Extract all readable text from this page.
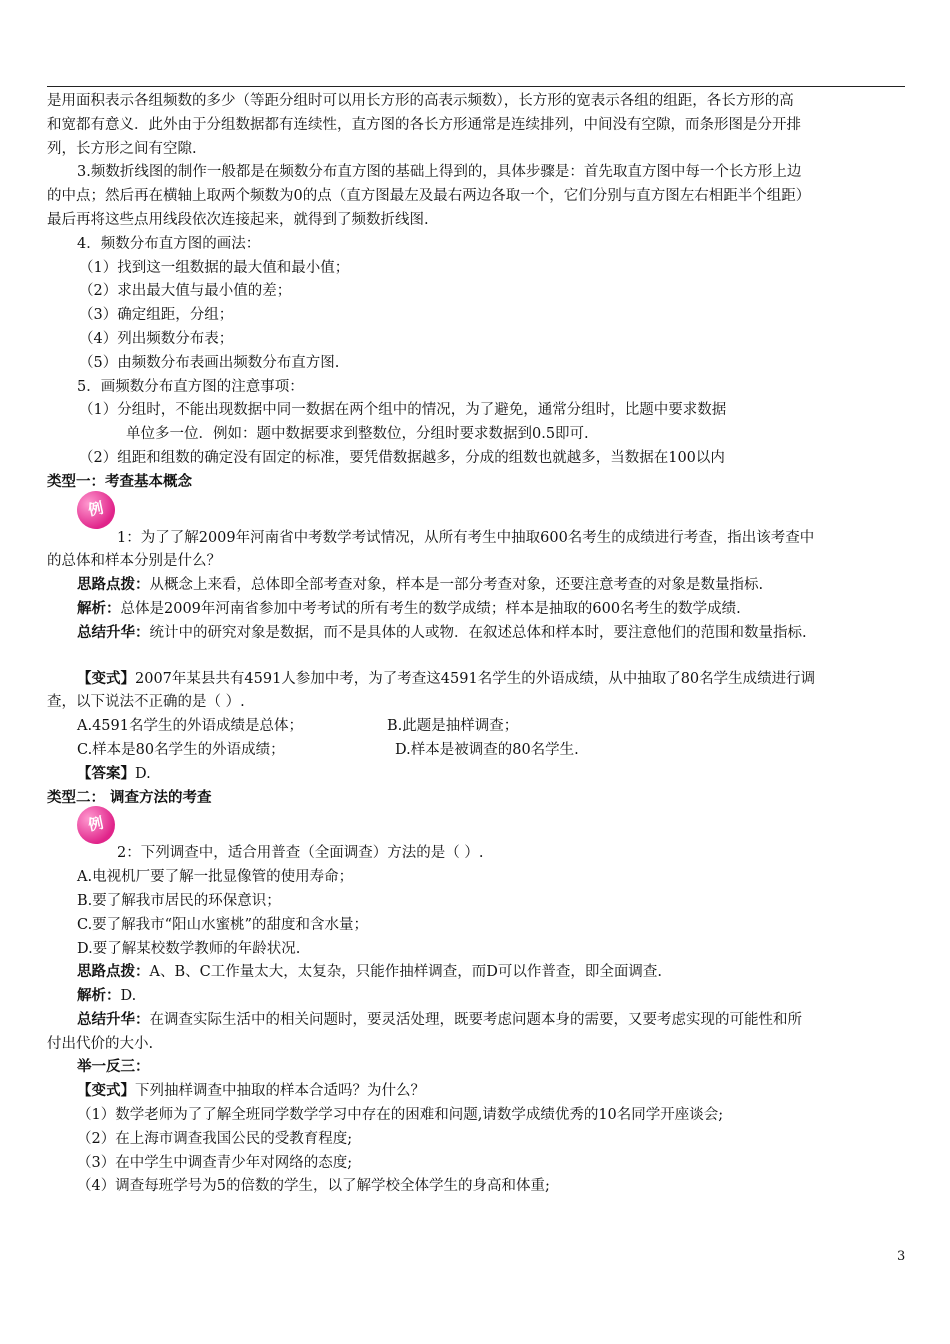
是用面积表示各组频数的多少（等距分组时可以用长方形的高表示频数），长方形的宽表示各组的组距，各长方形的高
和宽都有意义．此外由于分组数据都有连续性，直方图的各长方形通常是连续排列，中间没有空隙，而条形图是分开排
列，长方形之间有空隙.
3.频数折线图的制作一般都是在频数分布直方图的基础上得到的，具体步骤是：首先取直方图中每一个长方形上边
的中点；然后再在横轴上取两个频数为0的点（直方图最左及最右两边各取一个，它们分别与直方图左右相距半个组距）
最后再将这些点用线段依次连接起来，就得到了频数折线图.
4．频数分布直方图的画法：
（1）找到这一组数据的最大值和最小值；
（2）求出最大值与最小值的差；
（3）确定组距，分组；
（4）列出频数分布表；
（5）由频数分布表画出频数分布直方图.
5．画频数分布直方图的注意事项：
（1）分组时，不能出现数据中同一数据在两个组中的情况，为了避免，通常分组时，比题中要求数据
单位多一位．例如：题中数据要求到整数位，分组时要求数据到0.5即可.
（2）组距和组数的确定没有固定的标准，要凭借数据越多，分成的组数也就越多，当数据在100以内
类型一：考查基本概念
例
1：为了了解2009年河南省中考数学考试情况，从所有考生中抽取600名考生的成绩进行考查，指出该考查中
的总体和样本分别是什么？
思路点拨：从概念上来看，总体即全部考查对象，样本是一部分考查对象，还要注意考查的对象是数量指标.
解析：总体是2009年河南省参加中考考试的所有考生的数学成绩；样本是抽取的600名考生的数学成绩.
总结升华：统计中的研究对象是数据，而不是具体的人或物．在叙述总体和样本时，要注意他们的范围和数量指标.
【变式】2007年某县共有4591人参加中考，为了考查这4591名学生的外语成绩，从中抽取了80名学生成绩进行调
查，以下说法不正确的是（ ）.
A.4591名学生的外语成绩是总体；	B.此题是抽样调查；
C.样本是80名学生的外语成绩；	D.样本是被调查的80名学生.
【答案】D.
类型二： 调查方法的考查
例
2：下列调查中，适合用普查（全面调查）方法的是（ ）.
A.电视机厂要了解一批显像管的使用寿命；
B.要了解我市居民的环保意识；
C.要了解我市“阳山水蜜桃”的甜度和含水量；
D.要了解某校数学教师的年龄状况.
思路点拨：A、B、C工作量太大，太复杂，只能作抽样调查，而D可以作普查，即全面调查.
解析：D.
总结升华：在调查实际生活中的相关问题时，要灵活处理，既要考虑问题本身的需要，又要考虑实现的可能性和所
付出代价的大小.
举一反三：
【变式】下列抽样调查中抽取的样本合适吗？为什么？
（1）数学老师为了了解全班同学数学学习中存在的困难和问题,请数学成绩优秀的10名同学开座谈会;
（2）在上海市调查我国公民的受教育程度;
（3）在中学生中调查青少年对网络的态度;
（4）调查每班学号为5的倍数的学生，以了解学校全体学生的身高和体重;
3
